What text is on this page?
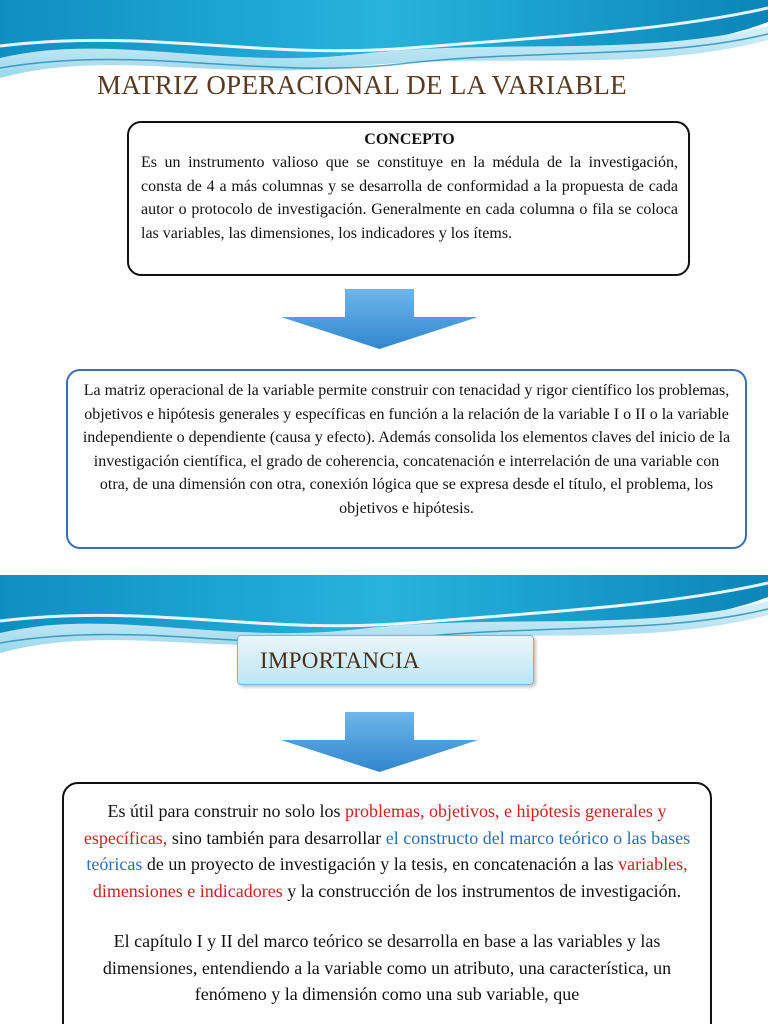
MATRIZ OPERACIONAL DE LA VARIABLE
CONCEPTO
Es un instrumento valioso que se constituye en la médula de la investigación, consta de 4 a más columnas y se desarrolla de conformidad a la propuesta de cada autor o protocolo de investigación. Generalmente en cada columna o fila se coloca las variables, las dimensiones, los indicadores y los ítems.
La matriz operacional de la variable permite construir con tenacidad y rigor científico los problemas, objetivos e hipótesis generales y específicas en función a la relación de la variable I o II o la variable independiente o dependiente (causa y efecto). Además consolida los elementos claves del inicio de la investigación científica, el grado de coherencia, concatenación e interrelación de una variable con otra, de una dimensión con otra, conexión lógica que se expresa desde el título, el problema, los objetivos e hipótesis.
IMPORTANCIA
Es útil para construir no solo los problemas, objetivos, e hipótesis generales y específicas, sino también para desarrollar el constructo del marco teórico o las bases teóricas de un proyecto de investigación y la tesis, en concatenación a las variables, dimensiones e indicadores y la construcción de los instrumentos de investigación.
El capítulo I y II del marco teórico se desarrolla en base a las variables y las dimensiones, entendiendo a la variable como un atributo, una característica, un fenómeno y la dimensión como una sub variable, que
